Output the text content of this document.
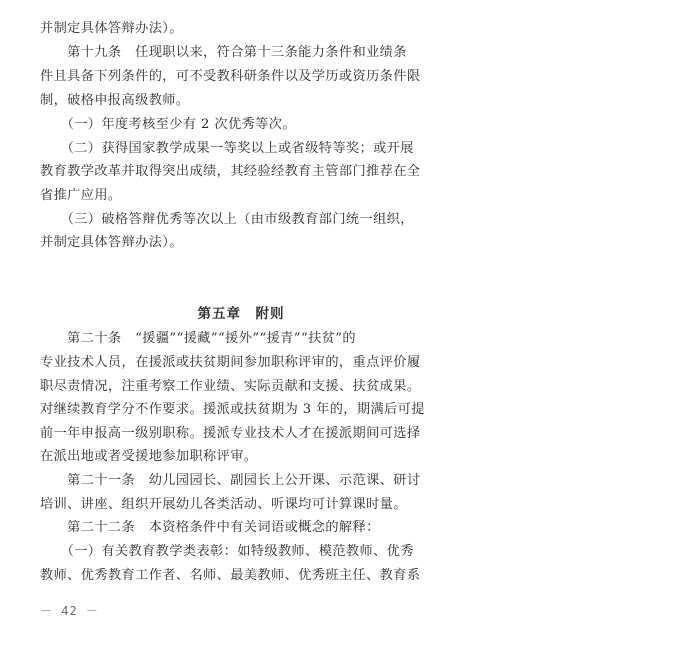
并制定具体答辩办法）。
　　第十九条　任现职以来，符合第十三条能力条件和业绩条
件且具备下列条件的，可不受教科研条件以及学历或资历条件限
制，破格申报高级教师。
　　（一）年度考核至少有 2 次优秀等次。
　　（二）获得国家教学成果一等奖以上或省级特等奖；或开展
教育教学改革并取得突出成绩，其经验经教育主管部门推荐在全
省推广应用。
　　（三）破格答辩优秀等次以上（由市级教育部门统一组织，
并制定具体答辩办法）。
第五章　附则
　　第二十条　“援疆”“援藏”“援外”“援青”“扶贫”的
专业技术人员，在援派或扶贫期间参加职称评审的，重点评价履
职尽责情况，注重考察工作业绩、实际贡献和支援、扶贫成果。
对继续教育学分不作要求。援派或扶贫期为 3 年的，期满后可提
前一年申报高一级别职称。援派专业技术人才在援派期间可选择
在派出地或者受援地参加职称评审。
　　第二十一条　幼儿园园长、副园长上公开课、示范课、研讨
培训、讲座、组织开展幼儿各类活动、听课均可计算课时量。
　　第二十二条　本资格条件中有关词语或概念的解释：
　　（一）有关教育教学类表彰：如特级教师、模范教师、优秀
教师、优秀教育工作者、名师、最美教师、优秀班主任、教育系
－ 42 －
